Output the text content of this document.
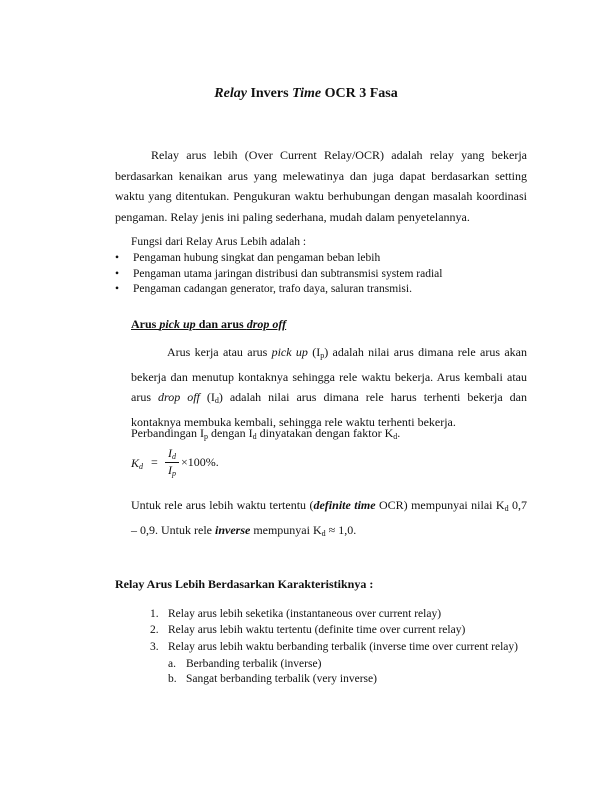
Relay Invers Time OCR 3 Fasa
Relay arus lebih (Over Current Relay/OCR) adalah relay yang bekerja berdasarkan kenaikan arus yang melewatinya dan juga dapat berdasarkan setting waktu yang ditentukan. Pengukuran waktu berhubungan dengan masalah koordinasi pengaman. Relay jenis ini paling sederhana, mudah dalam penyetelannya.
Fungsi dari Relay Arus Lebih adalah :
• Pengaman hubung singkat dan pengaman beban lebih
• Pengaman utama jaringan distribusi dan subtransmisi system radial
• Pengaman cadangan generator, trafo daya, saluran transmisi.
Arus pick up dan arus drop off
Arus kerja atau arus pick up $(I_p)$ adalah nilai arus dimana rele arus akan bekerja dan menutup kontaknya sehingga rele waktu bekerja. Arus kembali atau arus drop off $(I_d)$ adalah nilai arus dimana rele harus terhenti bekerja dan kontaknya membuka kembali, sehingga rele waktu terhenti bekerja.
Perbandingan $I_p$ dengan $I_d$ dinyatakan dengan faktor $K_d$.
$K_d$ =
$I_d$
$I_p$
×100%.
Untuk rele arus lebih waktu tertentu (definite time OCR) mempunyai nilai $K_d$ 0,7 – 0,9. Untuk rele inverse mempunyai $K_d \approx 1,0$.
Relay Arus Lebih Berdasarkan Karakteristiknya :
1. Relay arus lebih seketika (instantaneous over current relay)
2. Relay arus lebih waktu tertentu (definite time over current relay)
3. Relay arus lebih waktu berbanding terbalik (inverse time over current relay)
a. Berbanding terbalik (inverse)
b. Sangat berbanding terbalik (very inverse)
